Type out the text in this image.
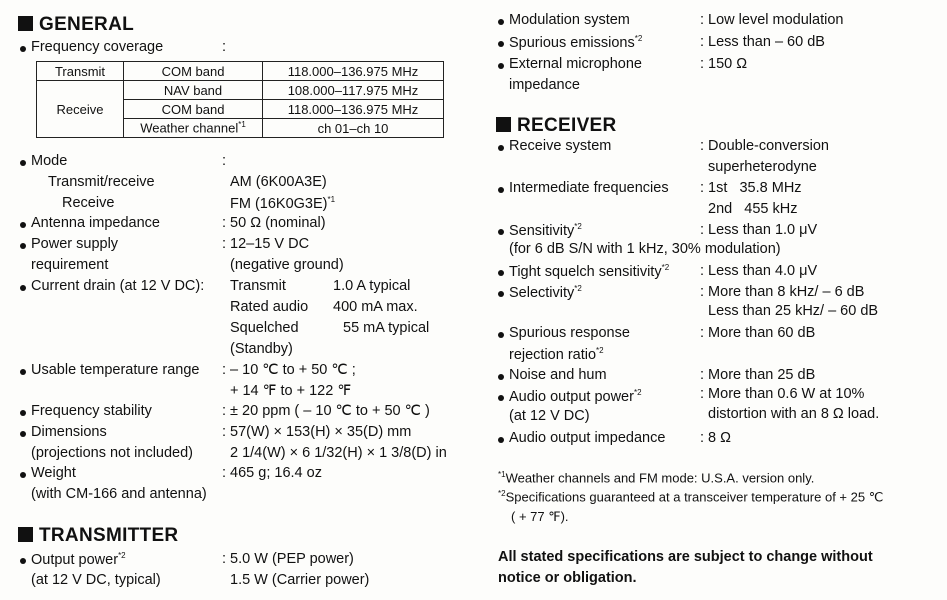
GENERAL
Frequency coverage	:
Transmit	COM band	118.000–136.975 MHz
Receive	NAV band	108.000–117.975 MHz
	COM band	118.000–136.975 MHz
	Weather channel$^{*1}$	ch 01–ch 10
Mode	:
Transmit/receive	AM (6K00A3E)
Receive	FM $(16K0G3E)^{*1}$
Antenna impedance	: 50 Ω (nominal)
Power supply
requirement
: 12–15 V DC
(negative ground)
Current drain (at 12 V DC): Transmit	1.0 A typical
Rated audio 400 mA max.
Squelched	55 mA typical
(Standby)
Usable temperature range : – 10 ℃ to + 50 ℃ ;
+ 14 ℉ to + 122 ℉
Frequency stability	: ± 20 ppm ( – 10 ℃ to + 50 ℃ )
Dimensions
(projections not included)
: 57(W) × 153(H) × 35(D) mm
2 1/4(W) × 6 1/32(H) × 1 3/8(D) in
Weight
(with CM-166 and antenna)
: 465 g; 16.4 oz
TRANSMITTER
Output power$^{*2}$
(at 12 V DC, typical)
: 5.0 W (PEP power)
1.5 W (Carrier power)
Modulation system	: Low level modulation
Spurious emissions$^{*2}$	: Less than – 60 dB
External microphone
impedance
: 150 Ω
RECEIVER
Receive system	: Double-conversion
superheterodyne
Intermediate frequencies : 1st   35.8 MHz
2nd   455 kHz
Sensitivity$^{*2}$	: Less than 1.0 μV
(for 6 dB S/N with 1 kHz, 30% modulation)
Tight squelch sensitivity$^{*2}$ : Less than 4.0 μV
Selectivity$^{*2}$	: More than 8 kHz/ – 6 dB
Less than 25 kHz/ – 60 dB
Spurious response
rejection ratio$^{*2}$
: More than 60 dB
Noise and hum	: More than 25 dB
Audio output power$^{*2}$
(at 12 V DC)
: More than 0.6 W at 10%
distortion with an 8 Ω load.
Audio output impedance : 8 Ω
$^{*1}$Weather channels and FM mode: U.S.A. version only.
$^{*2}$Specifications guaranteed at a transceiver temperature of + 25 ℃
( + 77 ℉).
All stated specifications are subject to change without
notice or obligation.
